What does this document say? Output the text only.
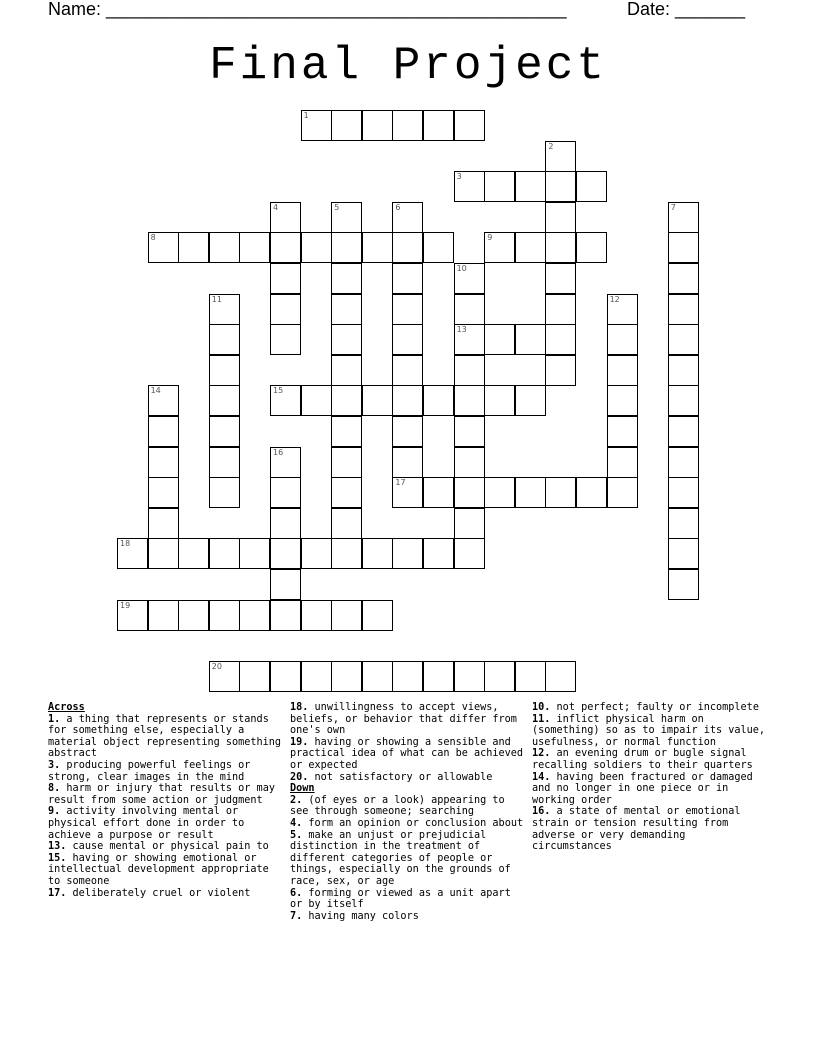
Name: ______________________________________________	Date: _______
Final Project
1
2
3
4	5	6	7
8	9
10
13
11	12
14	15
16
17
18
19
20
Across
1. a thing that represents or stands for something else, especially a material object representing something abstract
3. producing powerful feelings or strong, clear images in the mind
8. harm or injury that results or may result from some action or judgment
9. activity involving mental or physical effort done in order to achieve a purpose or result
13. cause mental or physical pain to
15. having or showing emotional or intellectual development appropriate to someone
17. deliberately cruel or violent
18. unwillingness to accept views, beliefs, or behavior that differ from one's own
19. having or showing a sensible and practical idea of what can be achieved or expected
20. not satisfactory or allowable
Down
2. (of eyes or a look) appearing to see through someone; searching
4. form an opinion or conclusion about
5. make an unjust or prejudicial distinction in the treatment of different categories of people or things, especially on the grounds of race, sex, or age
6. forming or viewed as a unit apart or by itself
7. having many colors
10. not perfect; faulty or incomplete
11. inflict physical harm on (something) so as to impair its value, usefulness, or normal function
12. an evening drum or bugle signal recalling soldiers to their quarters
14. having been fractured or damaged and no longer in one piece or in working order
16. a state of mental or emotional strain or tension resulting from adverse or very demanding circumstances
